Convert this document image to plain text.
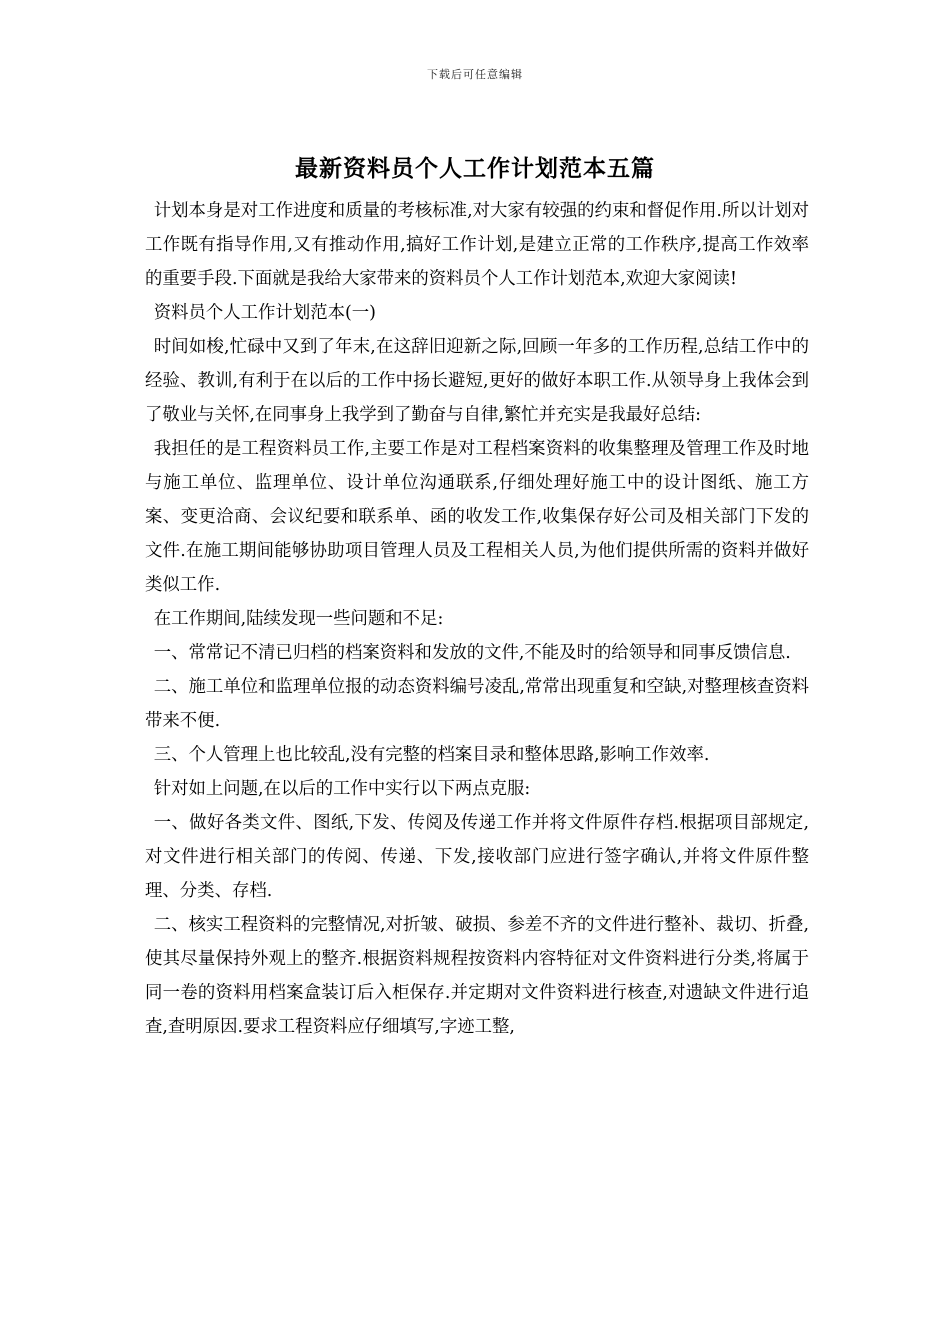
下载后可任意编辑
最新资料员个人工作计划范本五篇

计划本身是对工作进度和质量的考核标准,对大家有较强的约束和督促作用.所以计划对工作既有指导作用,又有推动作用,搞好工作计划,是建立正常的工作秩序,提高工作效率的重要手段.下面就是我给大家带来的资料员个人工作计划范本,欢迎大家阅读!

资料员个人工作计划范本(一)

时间如梭,忙碌中又到了年末,在这辞旧迎新之际,回顾一年多的工作历程,总结工作中的经验、教训,有利于在以后的工作中扬长避短,更好的做好本职工作.从领导身上我体会到了敬业与关怀,在同事身上我学到了勤奋与自律,繁忙并充实是我最好总结:

我担任的是工程资料员工作,主要工作是对工程档案资料的收集整理及管理工作及时地与施工单位、监理单位、设计单位沟通联系,仔细处理好施工中的设计图纸、施工方案、变更洽商、会议纪要和联系单、函的收发工作,收集保存好公司及相关部门下发的文件.在施工期间能够协助项目管理人员及工程相关人员,为他们提供所需的资料并做好类似工作.

在工作期间,陆续发现一些问题和不足:

一、常常记不清已归档的档案资料和发放的文件,不能及时的给领导和同事反馈信息.

二、施工单位和监理单位报的动态资料编号凌乱,常常出现重复和空缺,对整理核查资料带来不便.

三、个人管理上也比较乱,没有完整的档案目录和整体思路,影响工作效率.

针对如上问题,在以后的工作中实行以下两点克服:

一、做好各类文件、图纸,下发、传阅及传递工作并将文件原件存档.根据项目部规定,对文件进行相关部门的传阅、传递、下发,接收部门应进行签字确认,并将文件原件整理、分类、存档.

二、核实工程资料的完整情况,对折皱、破损、参差不齐的文件进行整补、裁切、折叠,使其尽量保持外观上的整齐.根据资料规程按资料内容特征对文件资料进行分类,将属于同一卷的资料用档案盒装订后入柜保存.并定期对文件资料进行核查,对遗缺文件进行追查,查明原因.要求工程资料应仔细填写,字迹工整,
